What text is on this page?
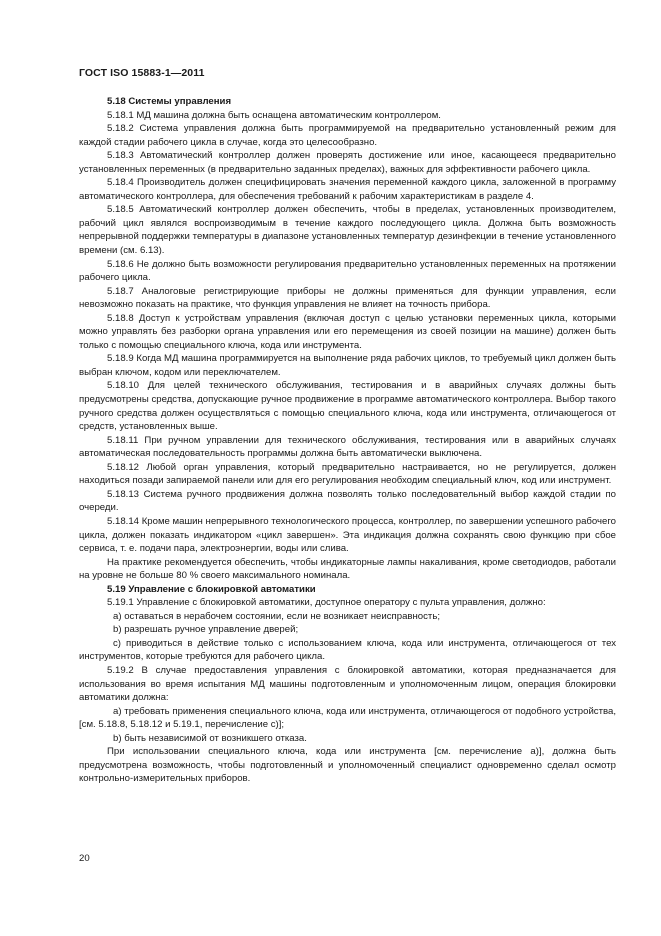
ГОСТ ISO 15883-1—2011

5.18 Системы управления

5.18.1 МД машина должна быть оснащена автоматическим контроллером.

5.18.2 Система управления должна быть программируемой на предварительно установленный режим для каждой стадии рабочего цикла в случае, когда это целесообразно.

5.18.3 Автоматический контроллер должен проверять достижение или иное, касающееся предварительно установленных переменных (в предварительно заданных пределах), важных для эффективности рабочего цикла.

5.18.4 Производитель должен специфицировать значения переменной каждого цикла, заложенной в программу автоматического контроллера, для обеспечения требований к рабочим характеристикам в разделе 4.

5.18.5 Автоматический контроллер должен обеспечить, чтобы в пределах, установленных производителем, рабочий цикл являлся воспроизводимым в течение каждого последующего цикла. Должна быть возможность непрерывной поддержки температуры в диапазоне установленных температур дезинфекции в течение установленного времени (см. 6.13).

5.18.6 Не должно быть возможности регулирования предварительно установленных переменных на протяжении рабочего цикла.

5.18.7 Аналоговые регистрирующие приборы не должны применяться для функции управления, если невозможно показать на практике, что функция управления не влияет на точность прибора.

5.18.8 Доступ к устройствам управления (включая доступ с целью установки переменных цикла, которыми можно управлять без разборки органа управления или его перемещения из своей позиции на машине) должен быть только с помощью специального ключа, кода или инструмента.

5.18.9 Когда МД машина программируется на выполнение ряда рабочих циклов, то требуемый цикл должен быть выбран ключом, кодом или переключателем.

5.18.10 Для целей технического обслуживания, тестирования и в аварийных случаях должны быть предусмотрены средства, допускающие ручное продвижение в программе автоматического контроллера. Выбор такого ручного средства должен осуществляться с помощью специального ключа, кода или инструмента, отличающегося от средств, установленных выше.

5.18.11 При ручном управлении для технического обслуживания, тестирования или в аварийных случаях автоматическая последовательность программы должна быть автоматически выключена.

5.18.12 Любой орган управления, который предварительно настраивается, но не регулируется, должен находиться позади запираемой панели или для его регулирования необходим специальный ключ, код или инструмент.

5.18.13 Система ручного продвижения должна позволять только последовательный выбор каждой стадии по очереди.

5.18.14 Кроме машин непрерывного технологического процесса, контроллер, по завершении успешного рабочего цикла, должен показать индикатором «цикл завершен». Эта индикация должна сохранять свою функцию при сбое сервиса, т. е. подачи пара, электроэнергии, воды или слива.

На практике рекомендуется обеспечить, чтобы индикаторные лампы накаливания, кроме светодиодов, работали на уровне не больше 80 % своего максимального номинала.

5.19 Управление с блокировкой автоматики

5.19.1 Управление с блокировкой автоматики, доступное оператору с пульта управления, должно:

a) оставаться в нерабочем состоянии, если не возникает неисправность;

b) разрешать ручное управление дверей;

c) приводиться в действие только с использованием ключа, кода или инструмента, отличающегося от тех инструментов, которые требуются для рабочего цикла.

5.19.2 В случае предоставления управления с блокировкой автоматики, которая предназначается для использования во время испытания МД машины подготовленным и уполномоченным лицом, операция блокировки автоматики должна:

a) требовать применения специального ключа, кода или инструмента, отличающегося от подобного устройства, [см. 5.18.8, 5.18.12 и 5.19.1, перечисление с)];

b) быть независимой от возникшего отказа.

При использовании специального ключа, кода или инструмента [см. перечисление а)], должна быть предусмотрена возможность, чтобы подготовленный и уполномоченный специалист одновременно сделал осмотр контрольно-измерительных приборов.

20
